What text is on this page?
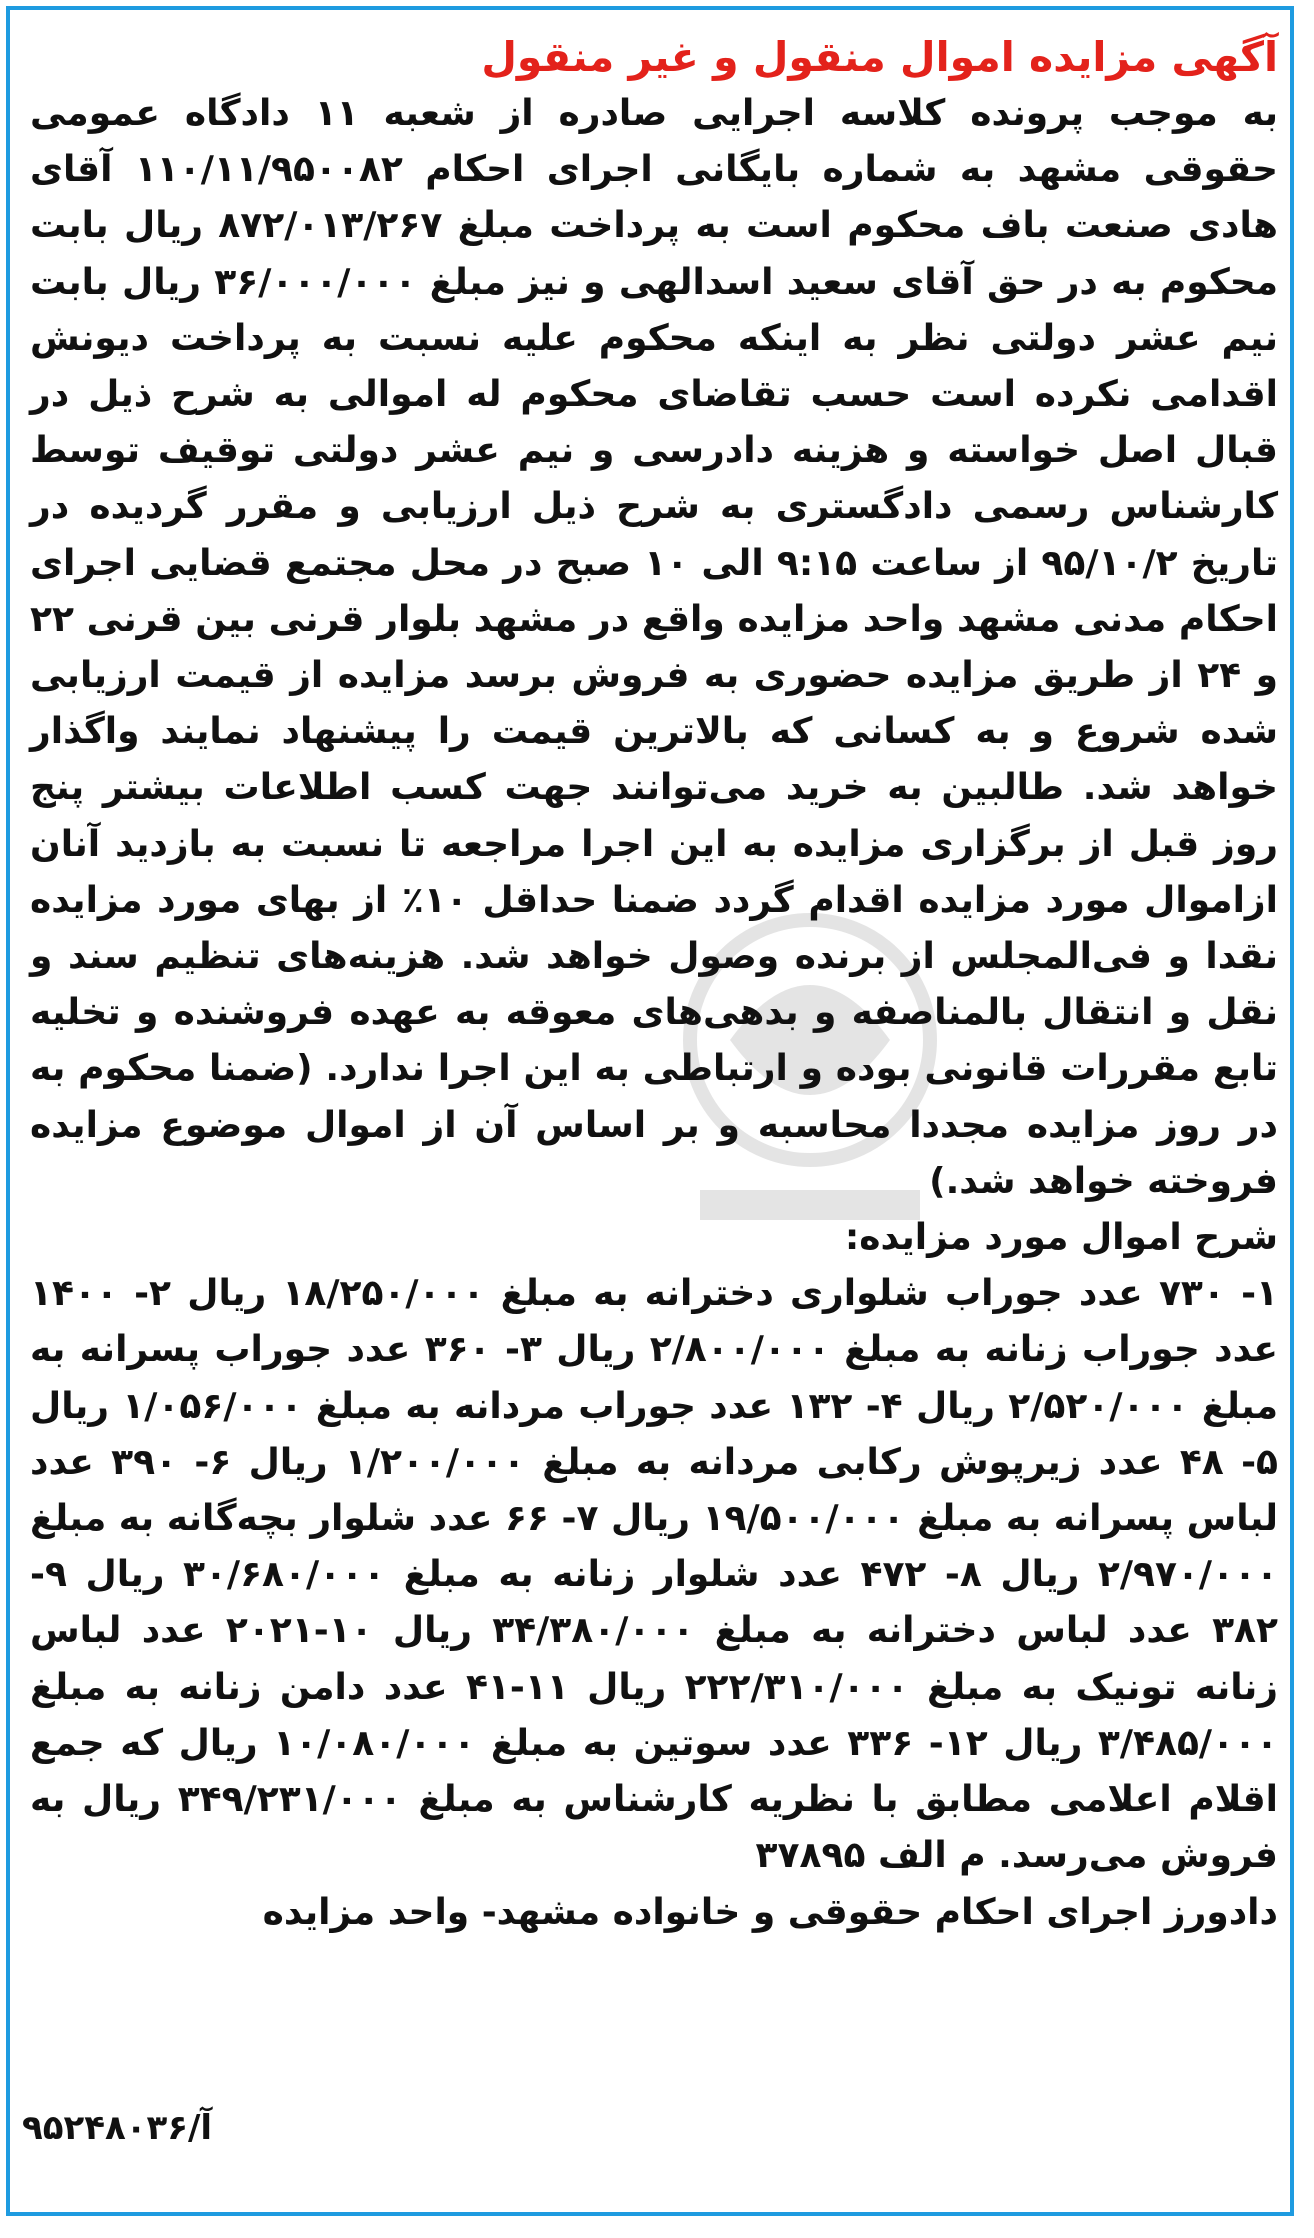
آگهی مزایده اموال منقول و غیر منقول

به موجب پرونده کلاسه اجرایی صادره از شعبه ۱۱ دادگاه عمومی حقوقی مشهد به شماره بایگانی اجرای احکام ۱۱۰/۱۱/۹۵۰۰۸۲ آقای هادی صنعت باف محکوم است به پرداخت مبلغ ۸۷۲/۰۱۳/۲۶۷ ریال بابت محکوم به در حق آقای سعید اسدالهی و نیز مبلغ ۳۶/۰۰۰/۰۰۰ ریال بابت نیم عشر دولتی نظر به اینکه محکوم علیه نسبت به پرداخت دیونش اقدامی نکرده است حسب تقاضای محکوم له اموالی به شرح ذیل در قبال اصل خواسته و هزینه دادرسی و نیم عشر دولتی توقیف توسط کارشناس رسمی دادگستری به شرح ذیل ارزیابی و مقرر گردیده در تاریخ ۹۵/۱۰/۲ از ساعت ۹:۱۵ الی ۱۰ صبح در محل مجتمع قضایی اجرای احکام مدنی مشهد واحد مزایده واقع در مشهد بلوار قرنی بین قرنی ۲۲ و ۲۴ از طریق مزایده حضوری به فروش برسد مزایده از قیمت ارزیابی شده شروع و به کسانی که بالاترین قیمت را پیشنهاد نمایند واگذار خواهد شد. طالبین به خرید می‌توانند جهت کسب اطلاعات بیشتر پنج روز قبل از برگزاری مزایده به این اجرا مراجعه تا نسبت به بازدید آنان ازاموال مورد مزایده اقدام گردد ضمنا حداقل ۱۰٪ از بهای مورد مزایده نقدا و فی‌المجلس از برنده وصول خواهد شد. هزینه‌های تنظیم سند و نقل و انتقال بالمناصفه و بدهی‌های معوقه به عهده فروشنده و تخلیه تابع مقررات قانونی بوده و ارتباطی به این اجرا ندارد. (ضمنا محکوم به در روز مزایده مجددا محاسبه و بر اساس آن از اموال موضوع مزایده فروخته خواهد شد.)

شرح اموال مورد مزایده:

۱- ۷۳۰ عدد جوراب شلواری دخترانه به مبلغ ۱۸/۲۵۰/۰۰۰ ریال ۲- ۱۴۰۰ عدد جوراب زنانه به مبلغ ۲/۸۰۰/۰۰۰ ریال ۳- ۳۶۰ عدد جوراب پسرانه به مبلغ ۲/۵۲۰/۰۰۰ ریال ۴- ۱۳۲ عدد جوراب مردانه به مبلغ ۱/۰۵۶/۰۰۰ ریال ۵- ۴۸ عدد زیرپوش رکابی مردانه به مبلغ ۱/۲۰۰/۰۰۰ ریال ۶- ۳۹۰ عدد لباس پسرانه به مبلغ ۱۹/۵۰۰/۰۰۰ ریال ۷- ۶۶ عدد شلوار بچه‌گانه به مبلغ ۲/۹۷۰/۰۰۰ ریال ۸- ۴۷۲ عدد شلوار زنانه به مبلغ ۳۰/۶۸۰/۰۰۰ ریال ۹- ۳۸۲ عدد لباس دخترانه به مبلغ ۳۴/۳۸۰/۰۰۰ ریال ۱۰-۲۰۲۱ عدد لباس زنانه تونیک به مبلغ ۲۲۲/۳۱۰/۰۰۰ ریال ۱۱-۴۱ عدد دامن زنانه به مبلغ ۳/۴۸۵/۰۰۰ ریال ۱۲- ۳۳۶ عدد سوتین به مبلغ ۱۰/۰۸۰/۰۰۰ ریال که جمع اقلام اعلامی مطابق با نظریه کارشناس به مبلغ ۳۴۹/۲۳۱/۰۰۰ ریال به فروش می‌رسد. م الف ۳۷۸۹۵

دادورز اجرای احکام حقوقی و خانواده مشهد- واحد مزایده

آ/۹۵۲۴۸۰۳۶
